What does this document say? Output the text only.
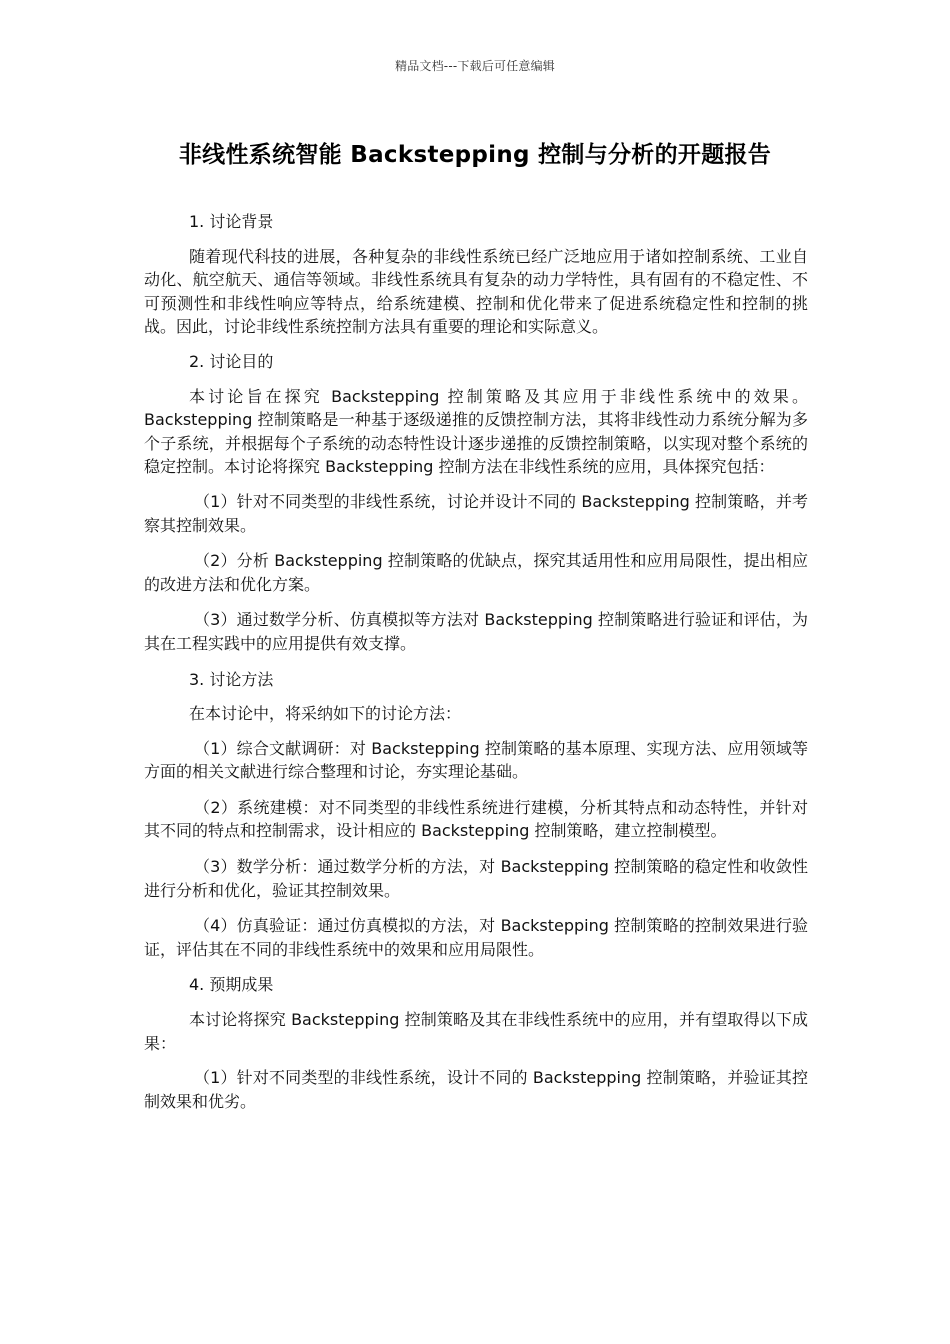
精品文档---下载后可任意编辑
非线性系统智能 Backstepping 控制与分析的开题报告
1. 讨论背景
随着现代科技的进展，各种复杂的非线性系统已经广泛地应用于诸如控制系统、工业自动化、航空航天、通信等领域。非线性系统具有复杂的动力学特性，具有固有的不稳定性、不可预测性和非线性响应等特点，给系统建模、控制和优化带来了促进系统稳定性和控制的挑战。因此，讨论非线性系统控制方法具有重要的理论和实际意义。
2. 讨论目的
本讨论旨在探究 Backstepping 控制策略及其应用于非线性系统中的效果。Backstepping 控制策略是一种基于逐级递推的反馈控制方法，其将非线性动力系统分解为多个子系统，并根据每个子系统的动态特性设计逐步递推的反馈控制策略，以实现对整个系统的稳定控制。本讨论将探究 Backstepping 控制方法在非线性系统的应用，具体探究包括：
（1）针对不同类型的非线性系统，讨论并设计不同的 Backstepping 控制策略，并考察其控制效果。
（2）分析 Backstepping 控制策略的优缺点，探究其适用性和应用局限性，提出相应的改进方法和优化方案。
（3）通过数学分析、仿真模拟等方法对 Backstepping 控制策略进行验证和评估，为其在工程实践中的应用提供有效支撑。
3. 讨论方法
在本讨论中，将采纳如下的讨论方法：
（1）综合文献调研：对 Backstepping 控制策略的基本原理、实现方法、应用领域等方面的相关文献进行综合整理和讨论，夯实理论基础。
（2）系统建模：对不同类型的非线性系统进行建模，分析其特点和动态特性，并针对其不同的特点和控制需求，设计相应的 Backstepping 控制策略，建立控制模型。
（3）数学分析：通过数学分析的方法，对 Backstepping 控制策略的稳定性和收敛性进行分析和优化，验证其控制效果。
（4）仿真验证：通过仿真模拟的方法，对 Backstepping 控制策略的控制效果进行验证，评估其在不同的非线性系统中的效果和应用局限性。
4. 预期成果
本讨论将探究 Backstepping 控制策略及其在非线性系统中的应用，并有望取得以下成果：
（1）针对不同类型的非线性系统，设计不同的 Backstepping 控制策略，并验证其控制效果和优劣。
